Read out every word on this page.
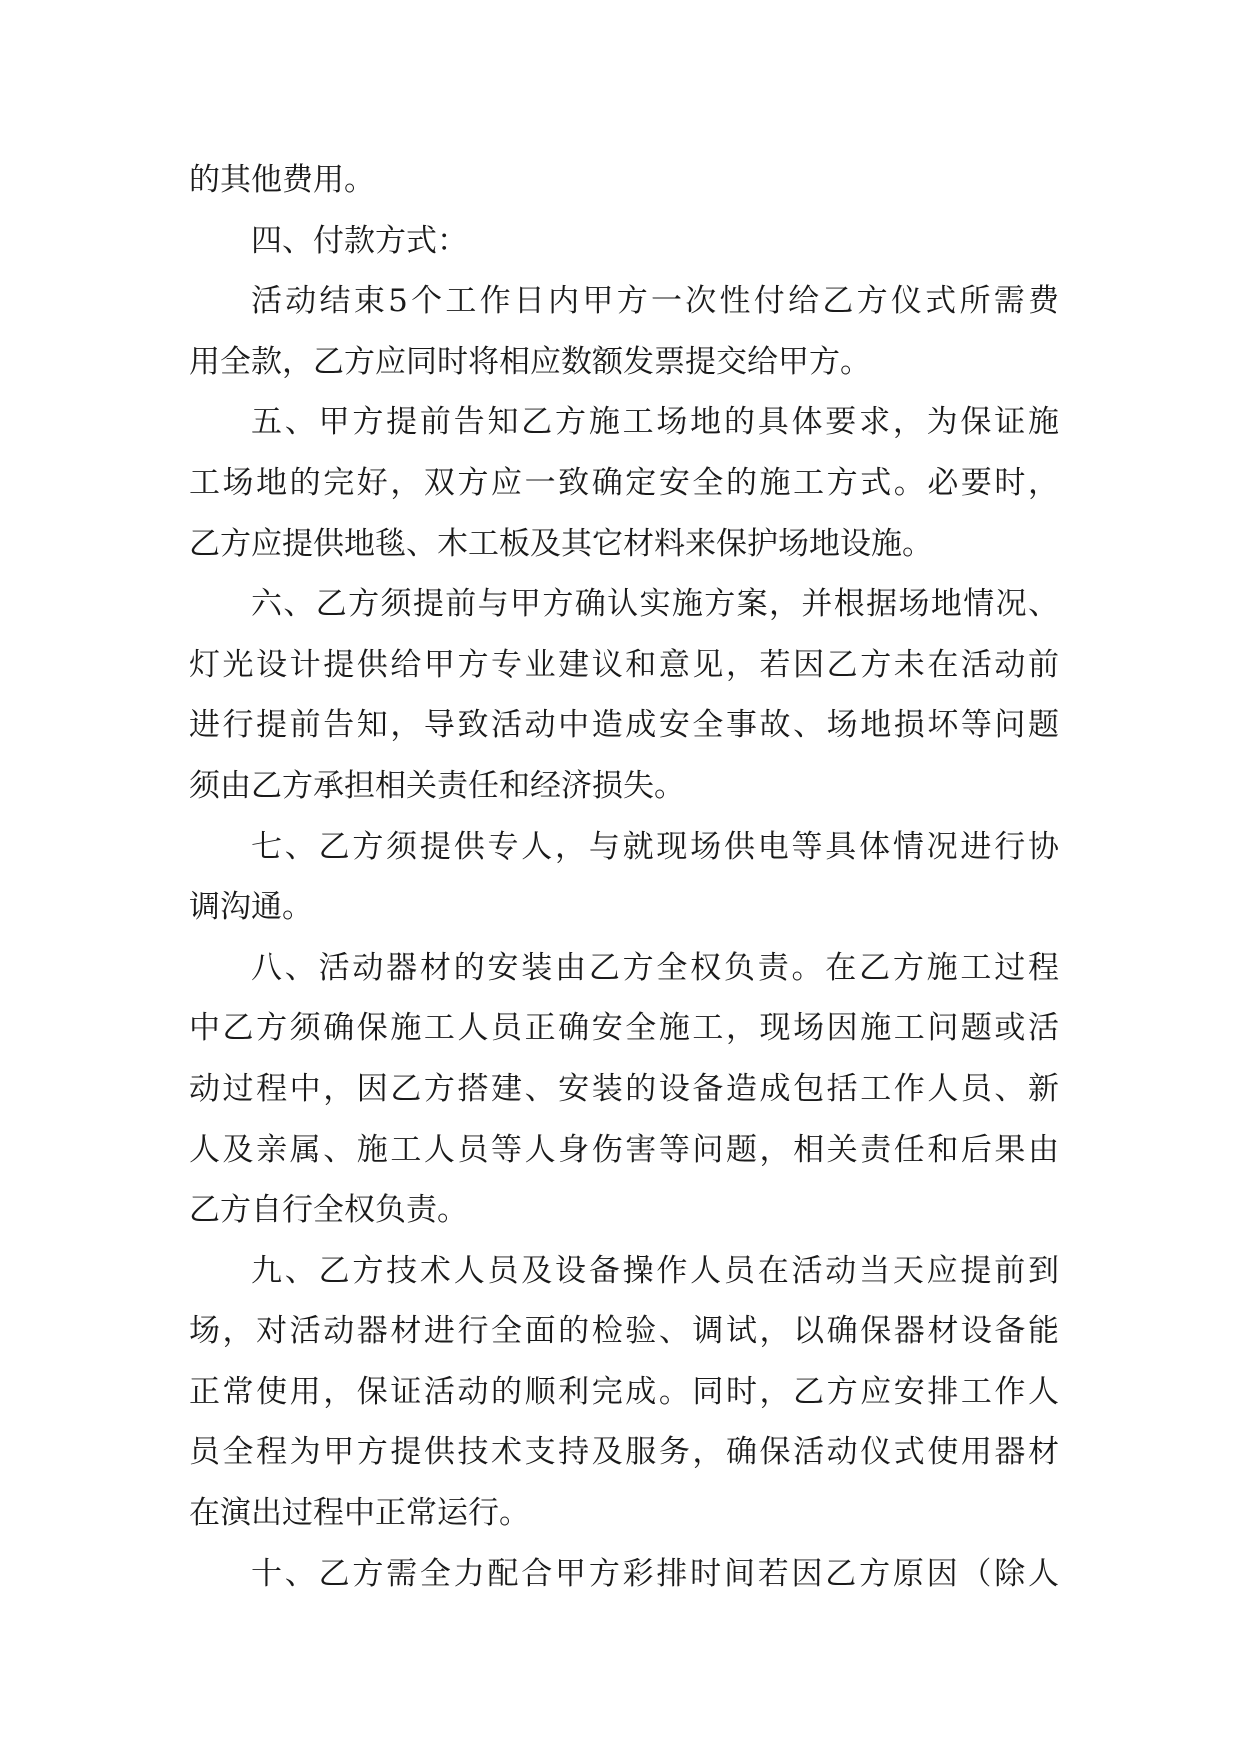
的其他费用。
四、付款方式：
活动结束5个工作日内甲方一次性付给乙方仪式所需费
用全款，乙方应同时将相应数额发票提交给甲方。
五、甲方提前告知乙方施工场地的具体要求，为保证施
工场地的完好，双方应一致确定安全的施工方式。必要时，
乙方应提供地毯、木工板及其它材料来保护场地设施。
六、乙方须提前与甲方确认实施方案，并根据场地情况、
灯光设计提供给甲方专业建议和意见，若因乙方未在活动前
进行提前告知，导致活动中造成安全事故、场地损坏等问题
须由乙方承担相关责任和经济损失。
七、乙方须提供专人，与就现场供电等具体情况进行协
调沟通。
八、活动器材的安装由乙方全权负责。在乙方施工过程
中乙方须确保施工人员正确安全施工，现场因施工问题或活
动过程中，因乙方搭建、安装的设备造成包括工作人员、新
人及亲属、施工人员等人身伤害等问题，相关责任和后果由
乙方自行全权负责。
九、乙方技术人员及设备操作人员在活动当天应提前到
场，对活动器材进行全面的检验、调试，以确保器材设备能
正常使用，保证活动的顺利完成。同时，乙方应安排工作人
员全程为甲方提供技术支持及服务，确保活动仪式使用器材
在演出过程中正常运行。
十、乙方需全力配合甲方彩排时间若因乙方原因（除人
